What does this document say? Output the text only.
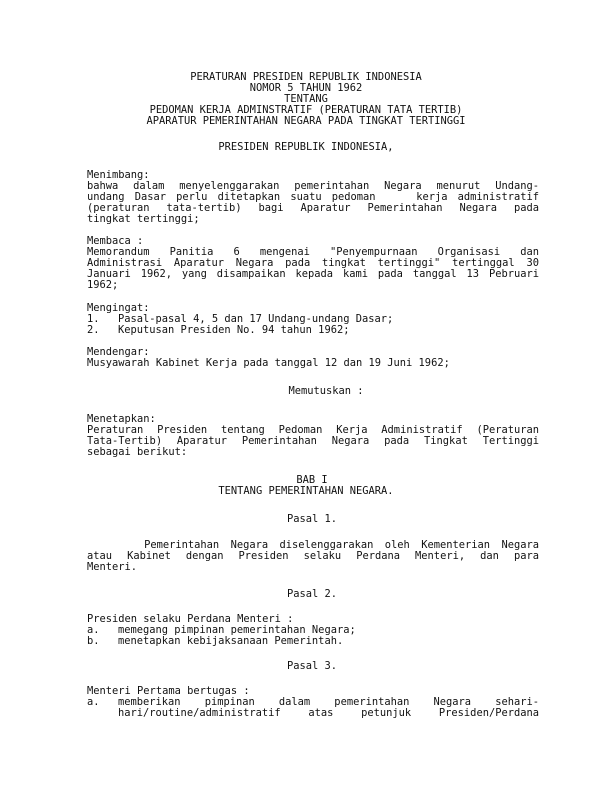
PERATURAN PRESIDEN REPUBLIK INDONESIA
NOMOR 5 TAHUN 1962
TENTANG
PEDOMAN KERJA ADMINSTRATIF (PERATURAN TATA TERTIB)
APARATUR PEMERINTAHAN NEGARA PADA TINGKAT TERTINGGI
PRESIDEN REPUBLIK INDONESIA,
Menimbang:
bahwa dalam menyelenggarakan pemerintahan Negara menurut Undang-
undang Dasar perlu ditetapkan suatu pedoman    kerja administratif
(peraturan tata-tertib) bagi Aparatur Pemerintahan Negara pada
tingkat tertinggi;
Membaca :
Memorandum Panitia 6 mengenai "Penyempurnaan Organisasi dan
Administrasi Aparatur Negara pada tingkat tertinggi" tertinggal 30
Januari 1962, yang disampaikan kepada kami pada tanggal 13 Pebruari
1962;
Mengingat:
1. Pasal-pasal 4, 5 dan 17 Undang-undang Dasar;
2. Keputusan Presiden No. 94 tahun 1962;
Mendengar:
Musyawarah Kabinet Kerja pada tanggal 12 dan 19 Juni 1962;
Memutuskan :
Menetapkan:
Peraturan Presiden tentang Pedoman Kerja Administratif (Peraturan
Tata-Tertib) Aparatur Pemerintahan Negara pada Tingkat Tertinggi
sebagai berikut:
BAB I
TENTANG PEMERINTAHAN NEGARA.
Pasal 1.
Pemerintahan Negara diselenggarakan oleh Kementerian Negara
atau Kabinet dengan Presiden selaku Perdana Menteri, dan para
Menteri.
Pasal 2.
Presiden selaku Perdana Menteri :
a. memegang pimpinan pemerintahan Negara;
b. menetapkan kebijaksanaan Pemerintah.
Pasal 3.
Menteri Pertama bertugas :
a. memberikan pimpinan dalam pemerintahan Negara sehari-
hari/routine/administratif atas petunjuk Presiden/Perdana
